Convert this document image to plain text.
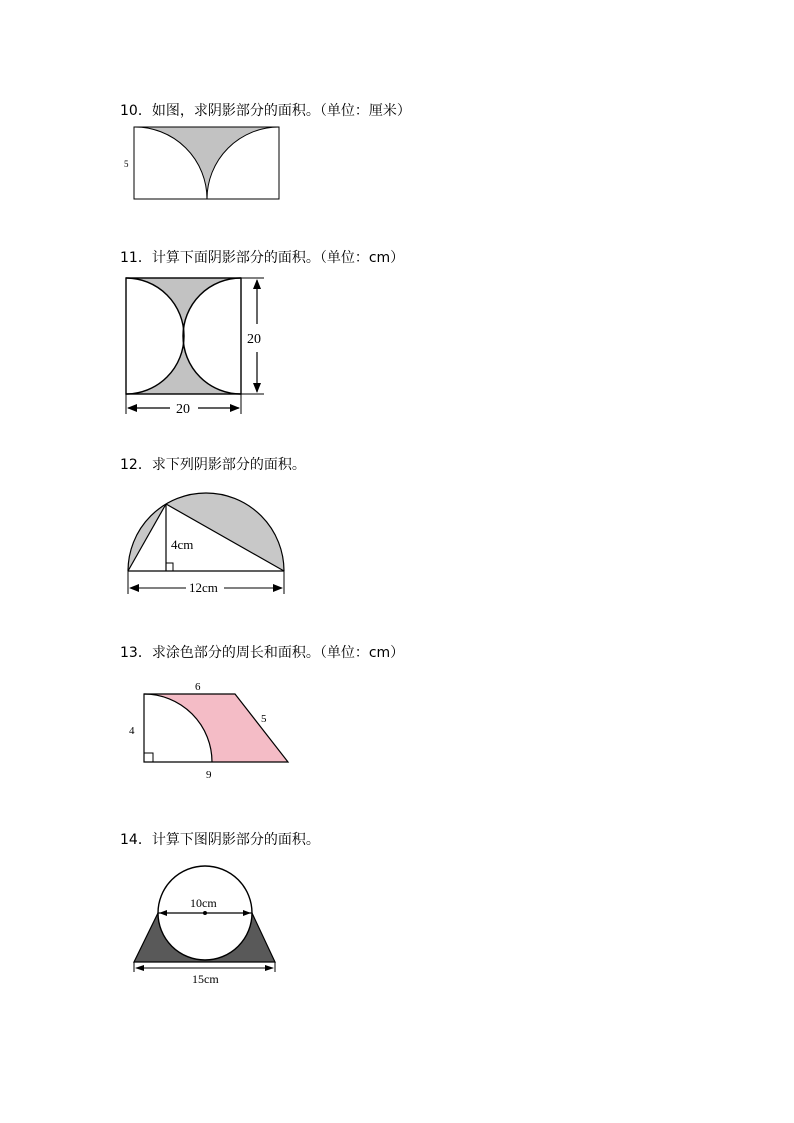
10．如图，求阴影部分的面积。（单位：厘米）
5
11．计算下面阴影部分的面积。（单位：cm）
20
20
12．求下列阴影部分的面积。
4cm
12cm
13．求涂色部分的周长和面积。（单位：cm）
6
4
5
9
14．计算下图阴影部分的面积。
10cm
15cm
